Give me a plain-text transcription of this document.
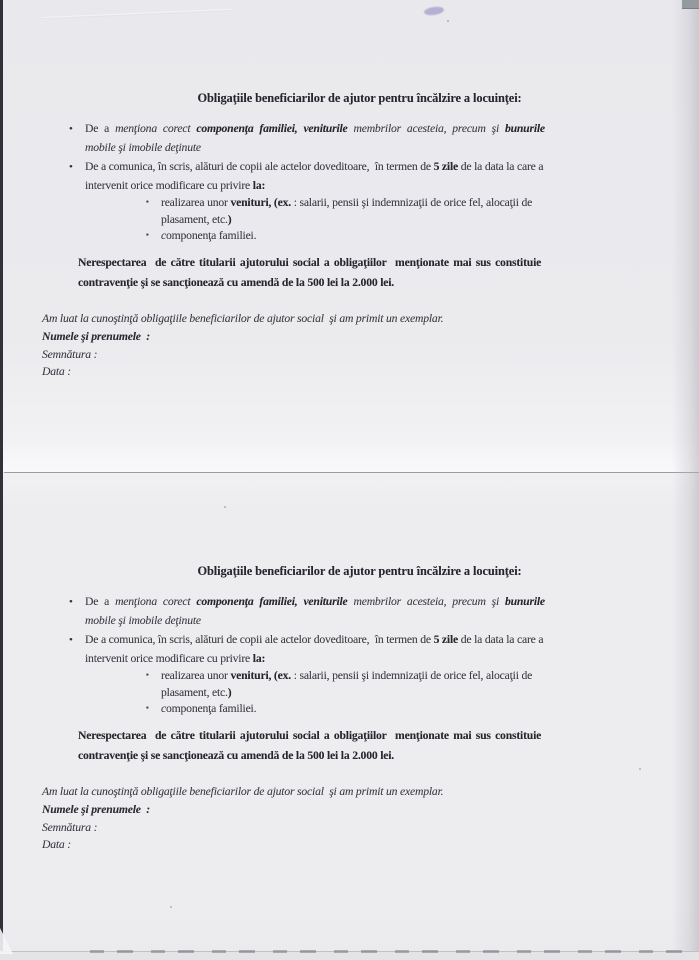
Obligaţiile beneficiarilor de ajutor pentru încălzire a locuinţei:
• De a menţiona corect componenţa familiei, veniturile membrilor acesteia, precum şi bunurile
mobile şi imobile deţinute
• De a comunica, în scris, alături de copii ale actelor doveditoare,  în termen de 5 zile de la data la care a
intervenit orice modificare cu privire la:
▪ realizarea unor venituri, (ex. : salarii, pensii şi indemnizaţii de orice fel, alocaţii de
plasament, etc.)
▪ componenţa familiei.
Nerespectarea  de către titularii ajutorului social a obligaţiilor  menţionate mai sus constituie
contravenţie şi se sancţionează cu amendă de la 500 lei la 2.000 lei.
Am luat la cunoştinţă obligaţiile beneficiarilor de ajutor social  şi am primit un exemplar.
Numele şi prenumele  :
Semnătura :
Data :
Obligaţiile beneficiarilor de ajutor pentru încălzire a locuinţei:
• De a menţiona corect componenţa familiei, veniturile membrilor acesteia, precum şi bunurile
mobile şi imobile deţinute
• De a comunica, în scris, alături de copii ale actelor doveditoare,  în termen de 5 zile de la data la care a
intervenit orice modificare cu privire la:
▪ realizarea unor venituri, (ex. : salarii, pensii şi indemnizaţii de orice fel, alocaţii de
plasament, etc.)
▪ componenţa familiei.
Nerespectarea  de către titularii ajutorului social a obligaţiilor  menţionate mai sus constituie
contravenţie şi se sancţionează cu amendă de la 500 lei la 2.000 lei.
Am luat la cunoştinţă obligaţiile beneficiarilor de ajutor social  şi am primit un exemplar.
Numele şi prenumele  :
Semnătura :
Data :
